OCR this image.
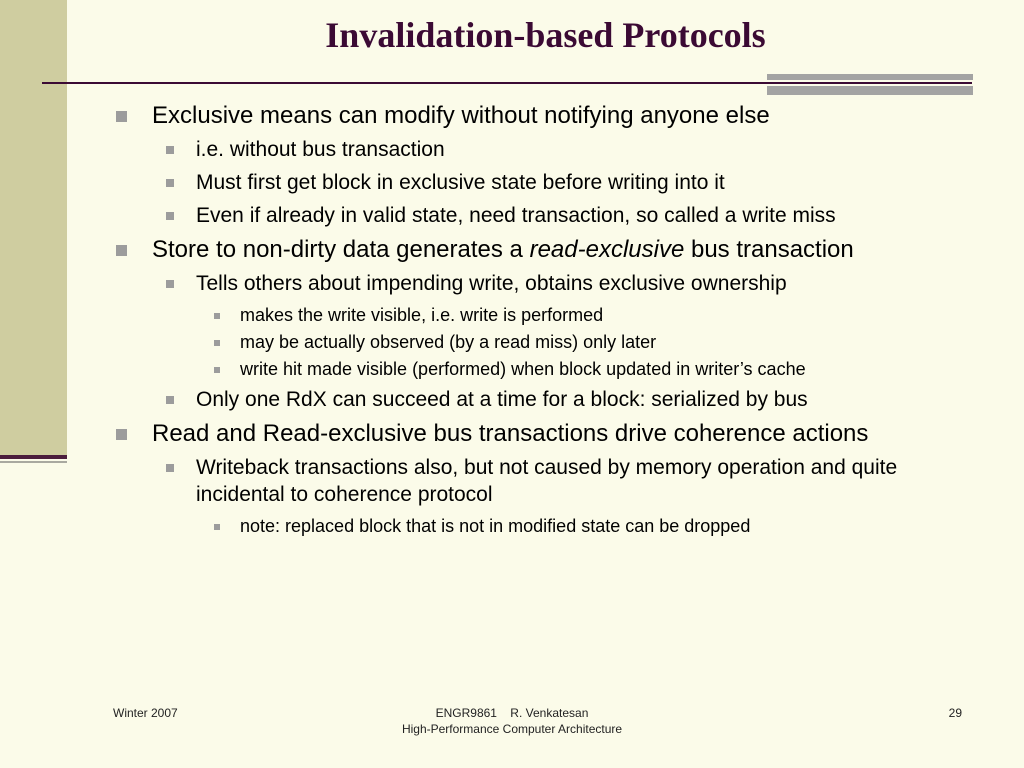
Invalidation-based Protocols
Exclusive means can modify without notifying anyone else
i.e. without bus transaction
Must first get block in exclusive state before writing into it
Even if already in valid state, need transaction, so called a write miss
Store to non-dirty data generates a read-exclusive bus transaction
Tells others about impending write, obtains exclusive ownership
makes the write visible, i.e. write is performed
may be actually observed (by a read miss) only later
write hit made visible (performed) when block updated in writer’s cache
Only one RdX can succeed at a time for a block: serialized by bus
Read and Read-exclusive bus transactions drive coherence actions
Writeback transactions also, but not caused by memory operation and quite incidental to coherence protocol
note: replaced block that is not in modified state can be dropped
Winter 2007	ENGR9861    R. Venkatesan
High-Performance Computer Architecture
29
